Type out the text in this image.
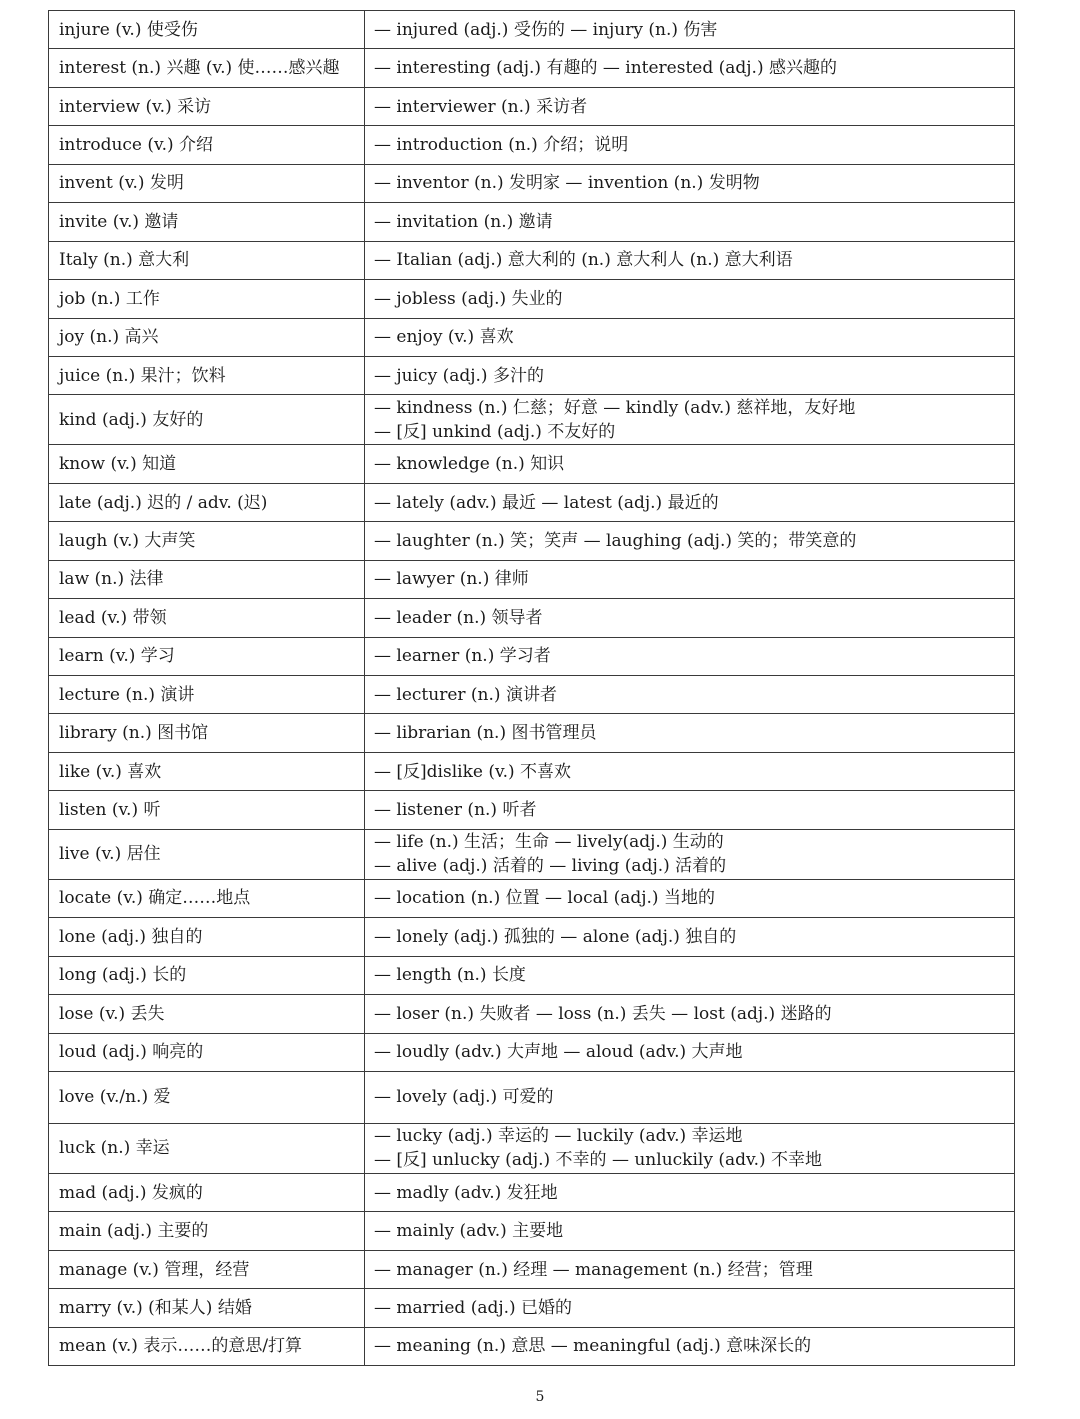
injure (v.) 使受伤	— injured (adj.) 受伤的 — injury (n.) 伤害

interest (n.) 兴趣 (v.) 使……感兴趣	— interesting (adj.) 有趣的 — interested (adj.) 感兴趣的

interview (v.) 采访	— interviewer (n.) 采访者

introduce (v.) 介绍	— introduction (n.) 介绍；说明

invent (v.) 发明	— inventor (n.) 发明家 — invention (n.) 发明物

invite (v.) 邀请	— invitation (n.) 邀请

Italy (n.) 意大利	— Italian (adj.) 意大利的 (n.) 意大利人 (n.) 意大利语

job (n.) 工作	— jobless (adj.) 失业的

joy (n.) 高兴	— enjoy (v.) 喜欢

juice (n.) 果汁；饮料	— juicy (adj.) 多汁的

kind (adj.) 友好的	— kindness (n.) 仁慈；好意 — kindly (adv.) 慈祥地，友好地
— [反] unkind (adj.) 不友好的

know (v.) 知道	— knowledge (n.) 知识

late (adj.) 迟的 / adv. (迟)	— lately (adv.) 最近 — latest (adj.) 最近的

laugh (v.) 大声笑	— laughter (n.) 笑；笑声 — laughing (adj.) 笑的；带笑意的

law (n.) 法律	— lawyer (n.) 律师

lead (v.) 带领	— leader (n.) 领导者

learn (v.) 学习	— learner (n.) 学习者

lecture (n.) 演讲	— lecturer (n.) 演讲者

library (n.) 图书馆	— librarian (n.) 图书管理员

like (v.) 喜欢	— [反]dislike (v.) 不喜欢

listen (v.) 听	— listener (n.) 听者

live (v.) 居住	— life (n.) 生活；生命 — lively(adj.) 生动的
— alive (adj.) 活着的 — living (adj.) 活着的

locate (v.) 确定……地点	— location (n.) 位置 — local (adj.) 当地的

lone (adj.) 独自的	— lonely (adj.) 孤独的 — alone (adj.) 独自的

long (adj.) 长的	— length (n.) 长度

lose (v.) 丢失	— loser (n.) 失败者 — loss (n.) 丢失 — lost (adj.) 迷路的

loud (adj.) 响亮的	— loudly (adv.) 大声地 — aloud (adv.) 大声地

love (v./n.) 爱	— lovely (adj.) 可爱的

luck (n.) 幸运	— lucky (adj.) 幸运的 — luckily (adv.) 幸运地
— [反] unlucky (adj.) 不幸的 — unluckily (adv.) 不幸地

mad (adj.) 发疯的	— madly (adv.) 发狂地

main (adj.) 主要的	— mainly (adv.) 主要地

manage (v.) 管理，经营	— manager (n.) 经理 — management (n.) 经营；管理

marry (v.) (和某人) 结婚	— married (adj.) 已婚的

mean (v.) 表示……的意思/打算	— meaning (n.) 意思 — meaningful (adj.) 意味深长的
5
